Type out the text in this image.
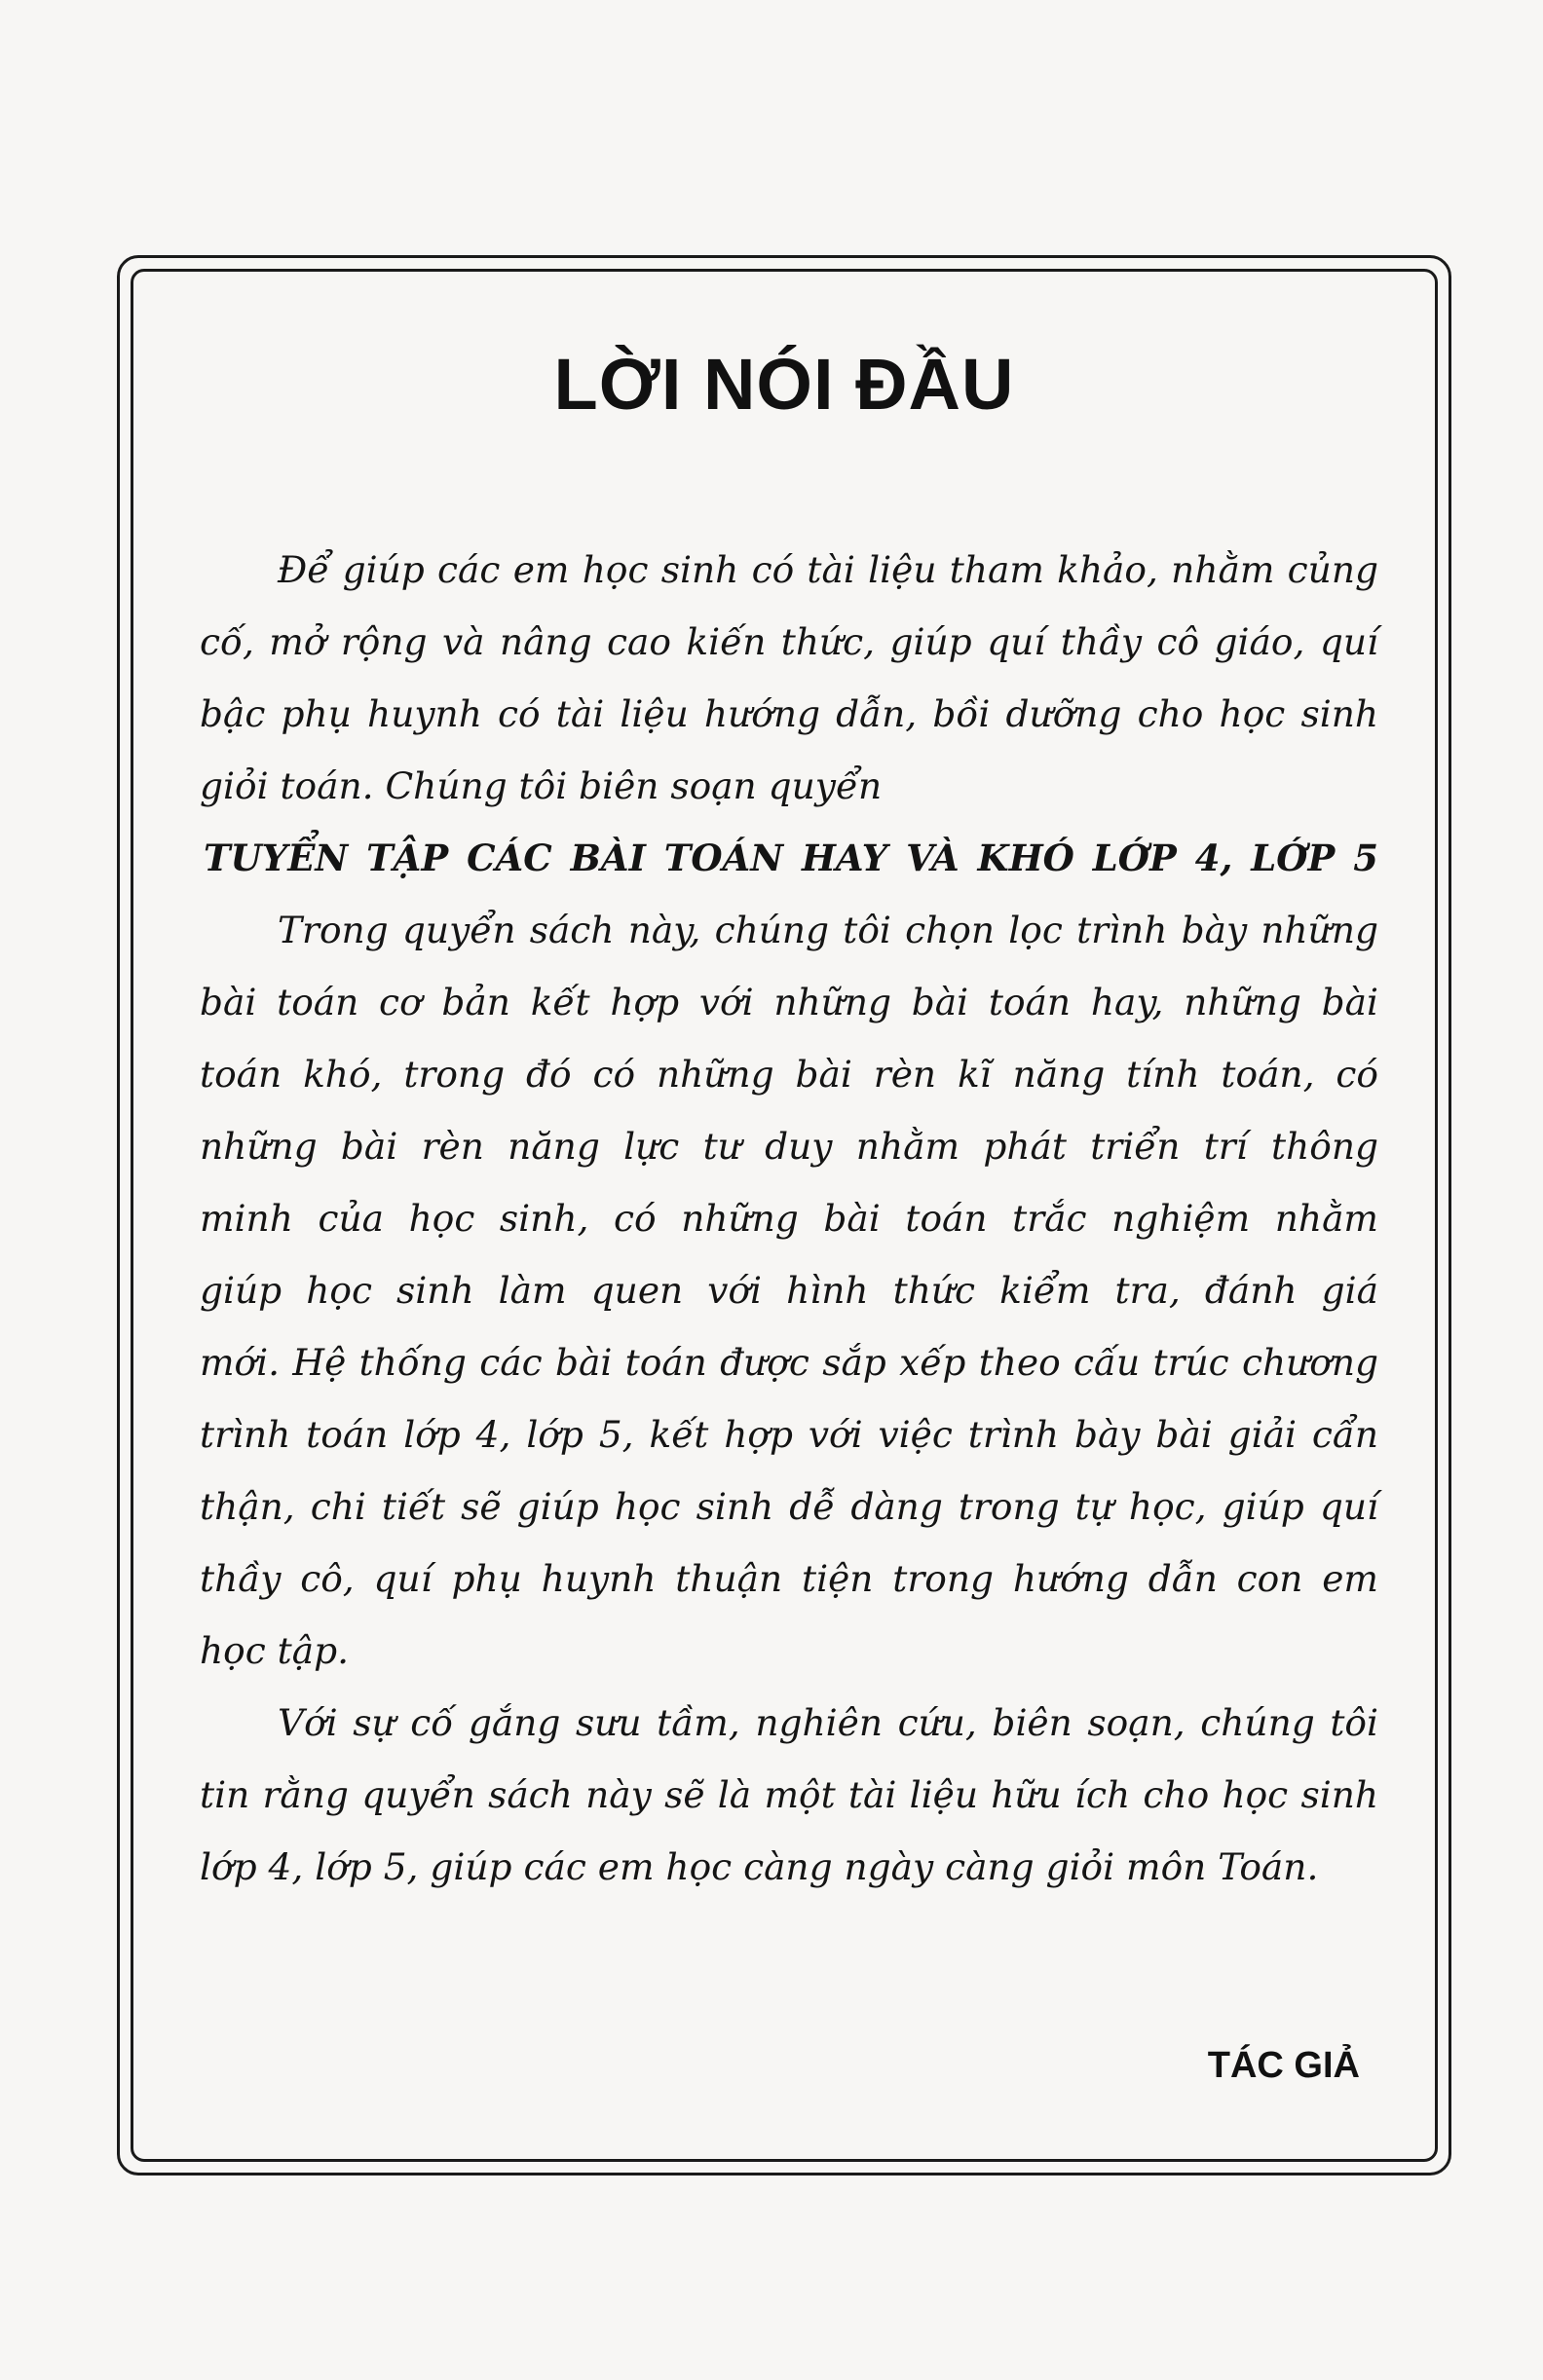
LỜI NÓI ĐẦU

Để giúp các em học sinh có tài liệu tham khảo, nhằm củng
cố, mở rộng và nâng cao kiến thức, giúp quí thầy cô giáo, quí
bậc phụ huynh có tài liệu hướng dẫn, bồi dưỡng cho học sinh
giỏi toán. Chúng tôi biên soạn quyển

TUYỂN TẬP CÁC BÀI TOÁN HAY VÀ KHÓ LỚP 4, LỚP 5

Trong quyển sách này, chúng tôi chọn lọc trình bày những
bài toán cơ bản kết hợp với những bài toán hay, những bài
toán khó, trong đó có những bài rèn kĩ năng tính toán, có
những bài rèn năng lực tư duy nhằm phát triển trí thông
minh của học sinh, có những bài toán trắc nghiệm nhằm
giúp học sinh làm quen với hình thức kiểm tra, đánh giá
mới. Hệ thống các bài toán được sắp xếp theo cấu trúc chương
trình toán lớp 4, lớp 5, kết hợp với việc trình bày bài giải cẩn
thận, chi tiết sẽ giúp học sinh dễ dàng trong tự học, giúp quí
thầy cô, quí phụ huynh thuận tiện trong hướng dẫn con em
học tập.

Với sự cố gắng sưu tầm, nghiên cứu, biên soạn, chúng tôi
tin rằng quyển sách này sẽ là một tài liệu hữu ích cho học sinh
lớp 4, lớp 5, giúp các em học càng ngày càng giỏi môn Toán.

TÁC GIẢ
